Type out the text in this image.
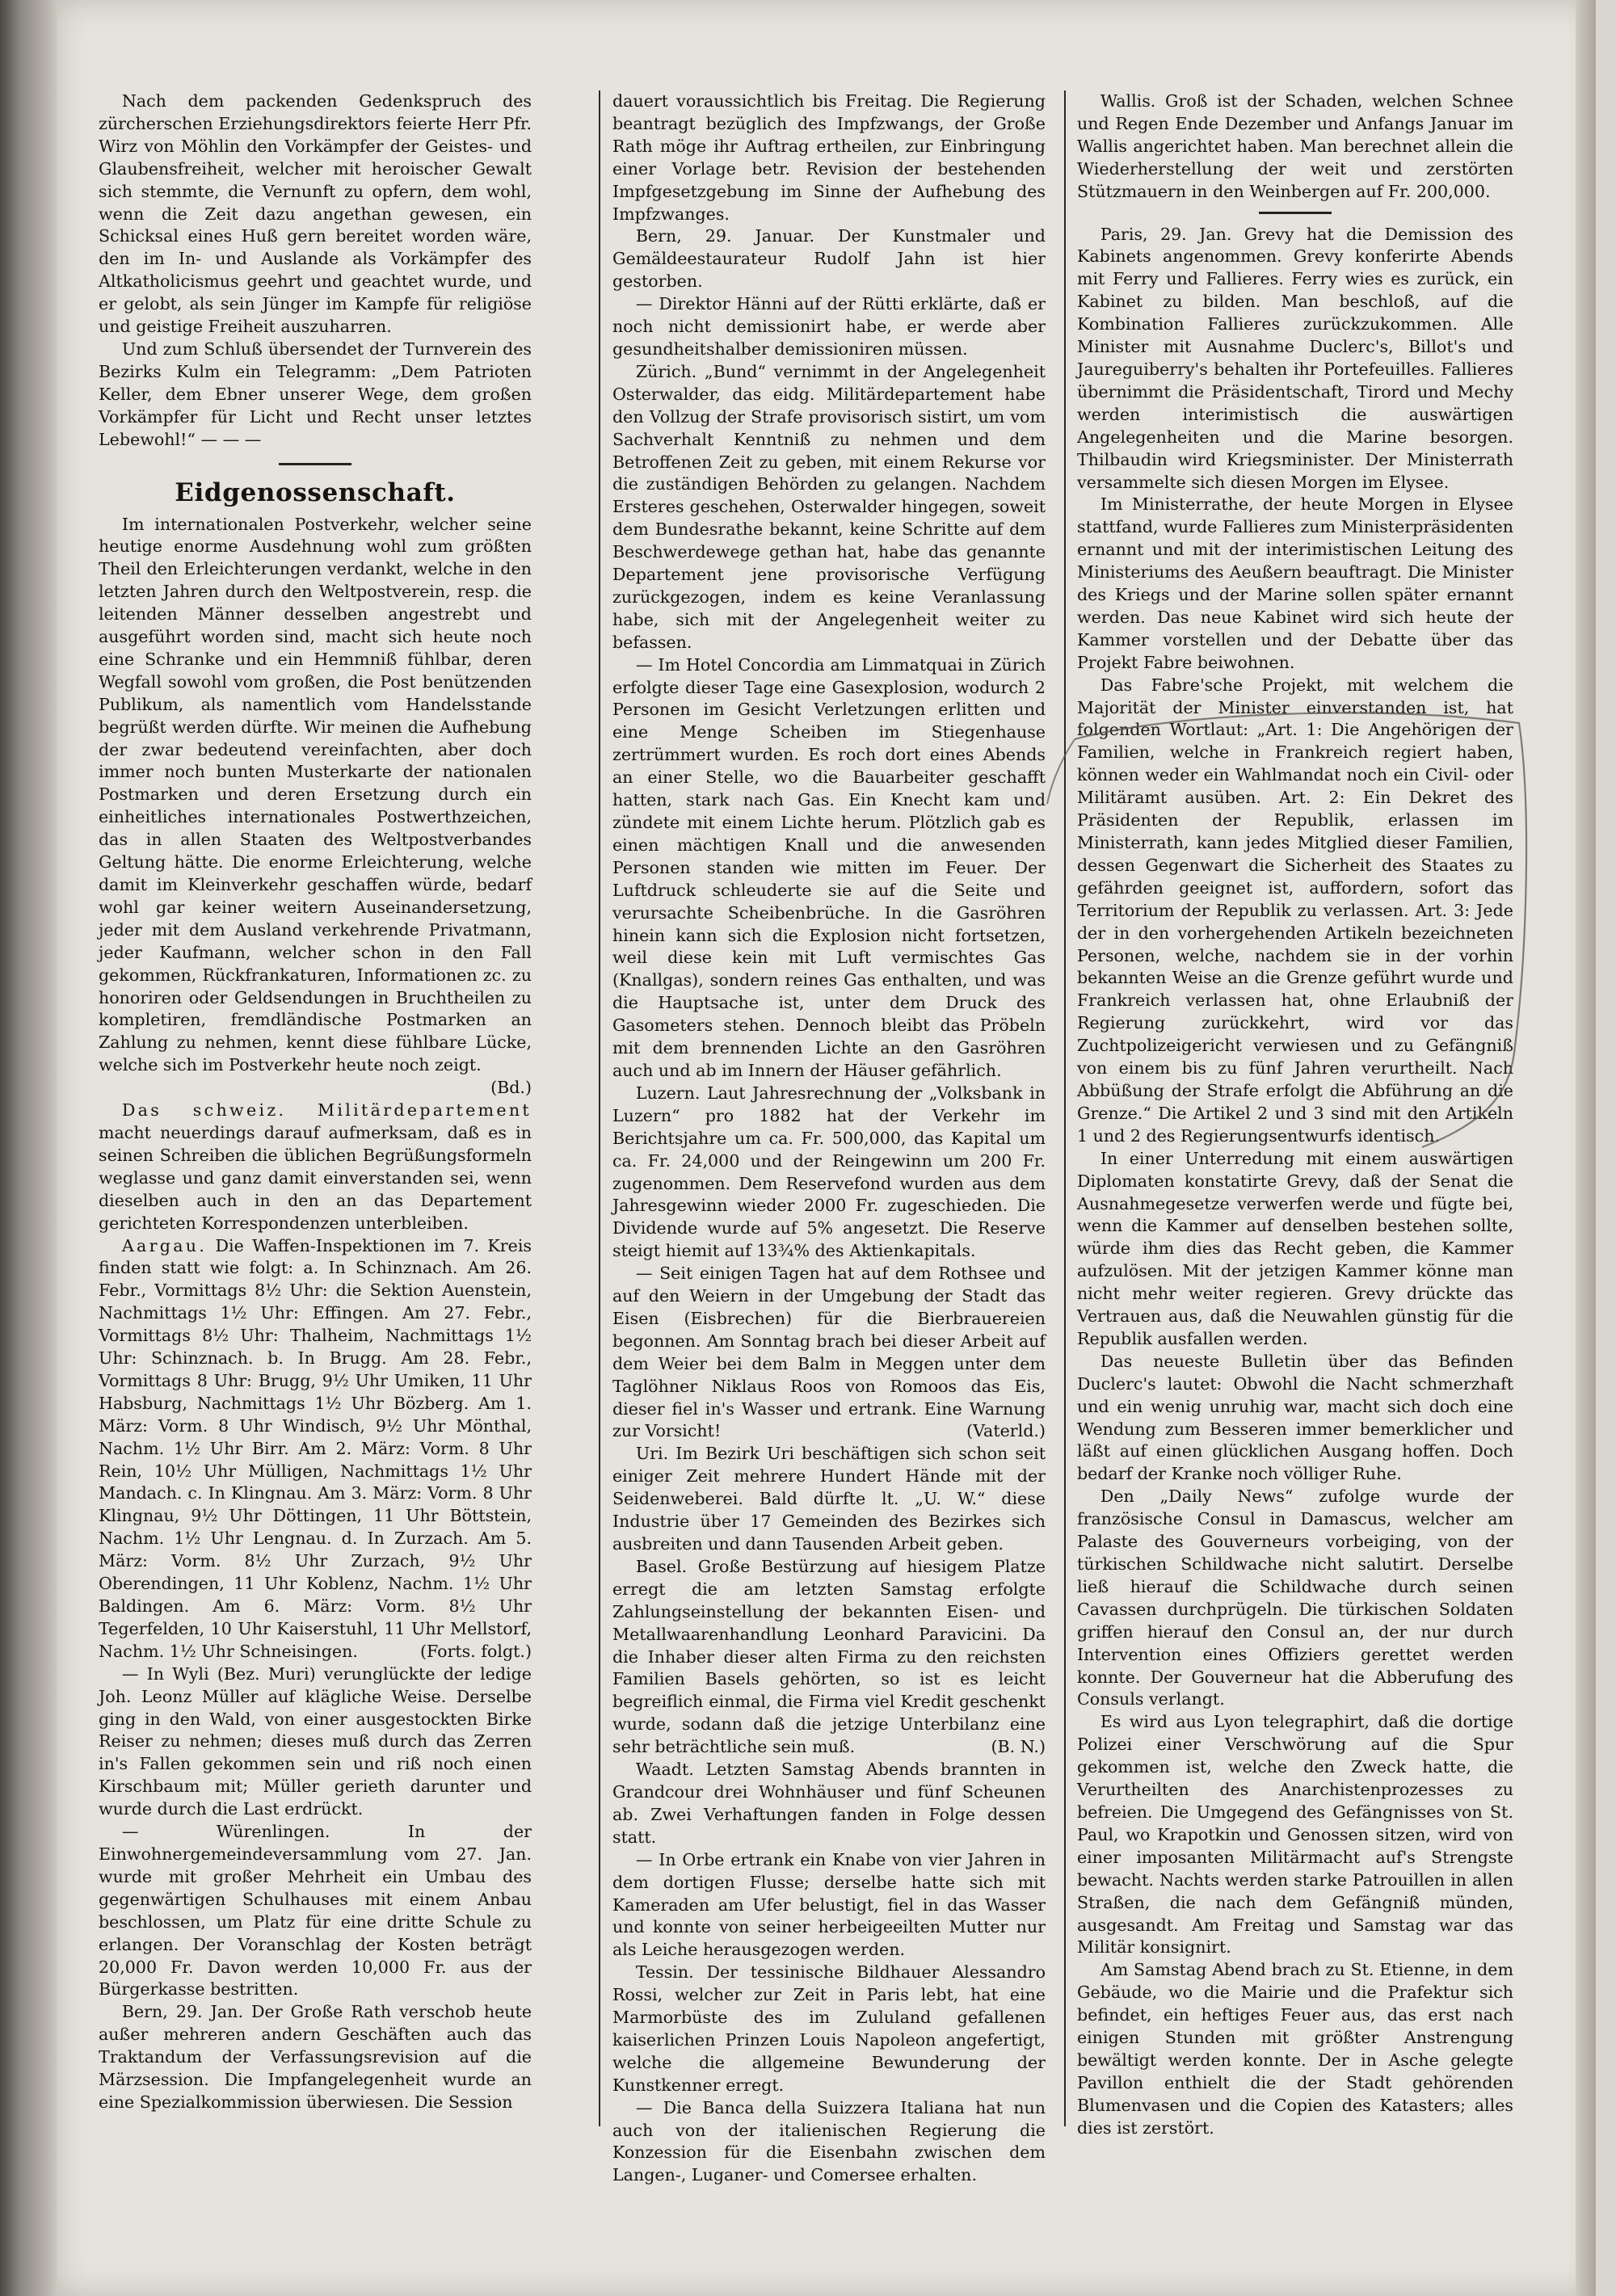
Nach dem packenden Gedenkspruch des zürcherschen Erziehungsdirektors feierte Herr Pfr. Wirz von Möhlin den Vorkämpfer der Geistes- und Glaubensfreiheit, welcher mit heroischer Gewalt sich stemmte, die Vernunft zu opfern, dem wohl, wenn die Zeit dazu angethan gewesen, ein Schicksal eines Huß gern bereitet worden wäre, den im In- und Auslande als Vorkämpfer des Altkatholicismus geehrt und geachtet wurde, und er gelobt, als sein Jünger im Kampfe für religiöse und geistige Freiheit auszuharren.

Und zum Schluß übersendet der Turnverein des Bezirks Kulm ein Telegramm: „Dem Patrioten Keller, dem Ebner unserer Wege, dem großen Vorkämpfer für Licht und Recht unser letztes Lebewohl!“ — — —

Eidgenossenschaft.

Im internationalen Postverkehr, welcher seine heutige enorme Ausdehnung wohl zum größten Theil den Erleichterungen verdankt, welche in den letzten Jahren durch den Weltpostverein, resp. die leitenden Männer desselben angestrebt und ausgeführt worden sind, macht sich heute noch eine Schranke und ein Hemmniß fühlbar, deren Wegfall sowohl vom großen, die Post benützenden Publikum, als namentlich vom Handelsstande begrüßt werden dürfte. Wir meinen die Aufhebung der zwar bedeutend vereinfachten, aber doch immer noch bunten Musterkarte der nationalen Postmarken und deren Ersetzung durch ein einheitliches internationales Postwerthzeichen, das in allen Staaten des Weltpostverbandes Geltung hätte. Die enorme Erleichterung, welche damit im Kleinverkehr geschaffen würde, bedarf wohl gar keiner weitern Auseinandersetzung, jeder mit dem Ausland verkehrende Privatmann, jeder Kaufmann, welcher schon in den Fall gekommen, Rückfrankaturen, Informationen zc. zu honoriren oder Geldsendungen in Bruchtheilen zu kompletiren, fremdländische Postmarken an Zahlung zu nehmen, kennt diese fühlbare Lücke, welche sich im Postverkehr heute noch zeigt.
(Bd.)

Das schweiz. Militärdepartement macht neuerdings darauf aufmerksam, daß es in seinen Schreiben die üblichen Begrüßungsformeln weglasse und ganz damit einverstanden sei, wenn dieselben auch in den an das Departement gerichteten Korrespondenzen unterbleiben.

Aargau. Die Waffen-Inspektionen im 7. Kreis finden statt wie folgt: a. In Schinznach. Am 26. Febr., Vormittags 8½ Uhr: die Sektion Auenstein, Nachmittags 1½ Uhr: Effingen. Am 27. Febr., Vormittags 8½ Uhr: Thalheim, Nachmittags 1½ Uhr: Schinznach. b. In Brugg. Am 28. Febr., Vormittags 8 Uhr: Brugg, 9½ Uhr Umiken, 11 Uhr Habsburg, Nachmittags 1½ Uhr Bözberg. Am 1. März: Vorm. 8 Uhr Windisch, 9½ Uhr Mönthal, Nachm. 1½ Uhr Birr. Am 2. März: Vorm. 8 Uhr Rein, 10½ Uhr Mülligen, Nachmittags 1½ Uhr Mandach. c. In Klingnau. Am 3. März: Vorm. 8 Uhr Klingnau, 9½ Uhr Döttingen, 11 Uhr Böttstein, Nachm. 1½ Uhr Lengnau. d. In Zurzach. Am 5. März: Vorm. 8½ Uhr Zurzach, 9½ Uhr Oberendingen, 11 Uhr Koblenz, Nachm. 1½ Uhr Baldingen. Am 6. März: Vorm. 8½ Uhr Tegerfelden, 10 Uhr Kaiserstuhl, 11 Uhr Mellstorf, Nachm. 1½ Uhr Schneisingen.	(Forts. folgt.)

— In Wyli (Bez. Muri) verunglückte der ledige Joh. Leonz Müller auf klägliche Weise. Derselbe ging in den Wald, von einer ausgestockten Birke Reiser zu nehmen; dieses muß durch das Zerren in's Fallen gekommen sein und riß noch einen Kirschbaum mit; Müller gerieth darunter und wurde durch die Last erdrückt.

— Würenlingen. In der Einwohnergemeindeversammlung vom 27. Jan. wurde mit großer Mehrheit ein Umbau des gegenwärtigen Schulhauses mit einem Anbau beschlossen, um Platz für eine dritte Schule zu erlangen. Der Voranschlag der Kosten beträgt 20,000 Fr. Davon werden 10,000 Fr. aus der Bürgerkasse bestritten.

Bern, 29. Jan. Der Große Rath verschob heute außer mehreren andern Geschäften auch das Traktandum der Verfassungsrevision auf die Märzsession. Die Impfangelegenheit wurde an eine Spezialkommission überwiesen. Die Session

dauert voraussichtlich bis Freitag. Die Regierung beantragt bezüglich des Impfzwangs, der Große Rath möge ihr Auftrag ertheilen, zur Einbringung einer Vorlage betr. Revision der bestehenden Impfgesetzgebung im Sinne der Aufhebung des Impfzwanges.

Bern, 29. Januar. Der Kunstmaler und Gemäldeestaurateur Rudolf Jahn ist hier gestorben.

— Direktor Hänni auf der Rütti erklärte, daß er noch nicht demissionirt habe, er werde aber gesundheitshalber demissioniren müssen.

Zürich. „Bund“ vernimmt in der Angelegenheit Osterwalder, das eidg. Militärdepartement habe den Vollzug der Strafe provisorisch sistirt, um vom Sachverhalt Kenntniß zu nehmen und dem Betroffenen Zeit zu geben, mit einem Rekurse vor die zuständigen Behörden zu gelangen. Nachdem Ersteres geschehen, Osterwalder hingegen, soweit dem Bundesrathe bekannt, keine Schritte auf dem Beschwerdewege gethan hat, habe das genannte Departement jene provisorische Verfügung zurückgezogen, indem es keine Veranlassung habe, sich mit der Angelegenheit weiter zu befassen.

— Im Hotel Concordia am Limmatquai in Zürich erfolgte dieser Tage eine Gasexplosion, wodurch 2 Personen im Gesicht Verletzungen erlitten und eine Menge Scheiben im Stiegenhause zertrümmert wurden. Es roch dort eines Abends an einer Stelle, wo die Bauarbeiter geschafft hatten, stark nach Gas. Ein Knecht kam und zündete mit einem Lichte herum. Plötzlich gab es einen mächtigen Knall und die anwesenden Personen standen wie mitten im Feuer. Der Luftdruck schleuderte sie auf die Seite und verursachte Scheibenbrüche. In die Gasröhren hinein kann sich die Explosion nicht fortsetzen, weil diese kein mit Luft vermischtes Gas (Knallgas), sondern reines Gas enthalten, und was die Hauptsache ist, unter dem Druck des Gasometers stehen. Dennoch bleibt das Pröbeln mit dem brennenden Lichte an den Gasröhren auch und ab im Innern der Häuser gefährlich.

Luzern. Laut Jahresrechnung der „Volksbank in Luzern“ pro 1882 hat der Verkehr im Berichtsjahre um ca. Fr. 500,000, das Kapital um ca. Fr. 24,000 und der Reingewinn um 200 Fr. zugenommen. Dem Reservefond wurden aus dem Jahresgewinn wieder 2000 Fr. zugeschieden. Die Dividende wurde auf 5% angesetzt. Die Reserve steigt hiemit auf 13¾% des Aktienkapitals.

— Seit einigen Tagen hat auf dem Rothsee und auf den Weiern in der Umgebung der Stadt das Eisen (Eisbrechen) für die Bierbrauereien begonnen. Am Sonntag brach bei dieser Arbeit auf dem Weier bei dem Balm in Meggen unter dem Taglöhner Niklaus Roos von Romoos das Eis, dieser fiel in's Wasser und ertrank. Eine Warnung zur Vorsicht!	(Vaterld.)

Uri. Im Bezirk Uri beschäftigen sich schon seit einiger Zeit mehrere Hundert Hände mit der Seidenweberei. Bald dürfte lt. „U. W.“ diese Industrie über 17 Gemeinden des Bezirkes sich ausbreiten und dann Tausenden Arbeit geben.

Basel. Große Bestürzung auf hiesigem Platze erregt die am letzten Samstag erfolgte Zahlungseinstellung der bekannten Eisen- und Metallwaarenhandlung Leonhard Paravicini. Da die Inhaber dieser alten Firma zu den reichsten Familien Basels gehörten, so ist es leicht begreiflich einmal, die Firma viel Kredit geschenkt wurde, sodann daß die jetzige Unterbilanz eine sehr beträchtliche sein muß.	(B. N.)

Waadt. Letzten Samstag Abends brannten in Grandcour drei Wohnhäuser und fünf Scheunen ab. Zwei Verhaftungen fanden in Folge dessen statt.

— In Orbe ertrank ein Knabe von vier Jahren in dem dortigen Flusse; derselbe hatte sich mit Kameraden am Ufer belustigt, fiel in das Wasser und konnte von seiner herbeigeeilten Mutter nur als Leiche herausgezogen werden.

Tessin. Der tessinische Bildhauer Alessandro Rossi, welcher zur Zeit in Paris lebt, hat eine Marmorbüste des im Zululand gefallenen kaiserlichen Prinzen Louis Napoleon angefertigt, welche die allgemeine Bewunderung der Kunstkenner erregt.

— Die Banca della Suizzera Italiana hat nun auch von der italienischen Regierung die Konzession für die Eisenbahn zwischen dem Langen-, Luganer- und Comersee erhalten.

Wallis. Groß ist der Schaden, welchen Schnee und Regen Ende Dezember und Anfangs Januar im Wallis angerichtet haben. Man berechnet allein die Wiederherstellung der weit und zerstörten Stützmauern in den Weinbergen auf Fr. 200,000.

Paris, 29. Jan. Grevy hat die Demission des Kabinets angenommen. Grevy konferirte Abends mit Ferry und Fallieres. Ferry wies es zurück, ein Kabinet zu bilden. Man beschloß, auf die Kombination Fallieres zurückzukommen. Alle Minister mit Ausnahme Duclerc's, Billot's und Jaureguiberry's behalten ihr Portefeuilles. Fallieres übernimmt die Präsidentschaft, Tirord und Mechy werden interimistisch die auswärtigen Angelegenheiten und die Marine besorgen. Thilbaudin wird Kriegsminister. Der Ministerrath versammelte sich diesen Morgen im Elysee.

Im Ministerrathe, der heute Morgen in Elysee stattfand, wurde Fallieres zum Ministerpräsidenten ernannt und mit der interimistischen Leitung des Ministeriums des Aeußern beauftragt. Die Minister des Kriegs und der Marine sollen später ernannt werden. Das neue Kabinet wird sich heute der Kammer vorstellen und der Debatte über das Projekt Fabre beiwohnen.

Das Fabre'sche Projekt, mit welchem die Majorität der Minister einverstanden ist, hat folgenden Wortlaut: „Art. 1: Die Angehörigen der Familien, welche in Frankreich regiert haben, können weder ein Wahlmandat noch ein Civil- oder Militäramt ausüben. Art. 2: Ein Dekret des Präsidenten der Republik, erlassen im Ministerrath, kann jedes Mitglied dieser Familien, dessen Gegenwart die Sicherheit des Staates zu gefährden geeignet ist, auffordern, sofort das Territorium der Republik zu verlassen. Art. 3: Jede der in den vorhergehenden Artikeln bezeichneten Personen, welche, nachdem sie in der vorhin bekannten Weise an die Grenze geführt wurde und Frankreich verlassen hat, ohne Erlaubniß der Regierung zurückkehrt, wird vor das Zuchtpolizeigericht verwiesen und zu Gefängniß von einem bis zu fünf Jahren verurtheilt. Nach Abbüßung der Strafe erfolgt die Abführung an die Grenze.“ Die Artikel 2 und 3 sind mit den Artikeln 1 und 2 des Regierungsentwurfs identisch.

In einer Unterredung mit einem auswärtigen Diplomaten konstatirte Grevy, daß der Senat die Ausnahmegesetze verwerfen werde und fügte bei, wenn die Kammer auf denselben bestehen sollte, würde ihm dies das Recht geben, die Kammer aufzulösen. Mit der jetzigen Kammer könne man nicht mehr weiter regieren. Grevy drückte das Vertrauen aus, daß die Neuwahlen günstig für die Republik ausfallen werden.

Das neueste Bulletin über das Befinden Duclerc's lautet: Obwohl die Nacht schmerzhaft und ein wenig unruhig war, macht sich doch eine Wendung zum Besseren immer bemerklicher und läßt auf einen glücklichen Ausgang hoffen. Doch bedarf der Kranke noch völliger Ruhe.

Den „Daily News“ zufolge wurde der französische Consul in Damascus, welcher am Palaste des Gouverneurs vorbeiging, von der türkischen Schildwache nicht salutirt. Derselbe ließ hierauf die Schildwache durch seinen Cavassen durchprügeln. Die türkischen Soldaten griffen hierauf den Consul an, der nur durch Intervention eines Offiziers gerettet werden konnte. Der Gouverneur hat die Abberufung des Consuls verlangt.

Es wird aus Lyon telegraphirt, daß die dortige Polizei einer Verschwörung auf die Spur gekommen ist, welche den Zweck hatte, die Verurtheilten des Anarchistenprozesses zu befreien. Die Umgegend des Gefängnisses von St. Paul, wo Krapotkin und Genossen sitzen, wird von einer imposanten Militärmacht auf's Strengste bewacht. Nachts werden starke Patrouillen in allen Straßen, die nach dem Gefängniß münden, ausgesandt. Am Freitag und Samstag war das Militär konsignirt.

Am Samstag Abend brach zu St. Etienne, in dem Gebäude, wo die Mairie und die Prafektur sich befindet, ein heftiges Feuer aus, das erst nach einigen Stunden mit größter Anstrengung bewältigt werden konnte. Der in Asche gelegte Pavillon enthielt die der Stadt gehörenden Blumenvasen und die Copien des Katasters; alles dies ist zerstört.
